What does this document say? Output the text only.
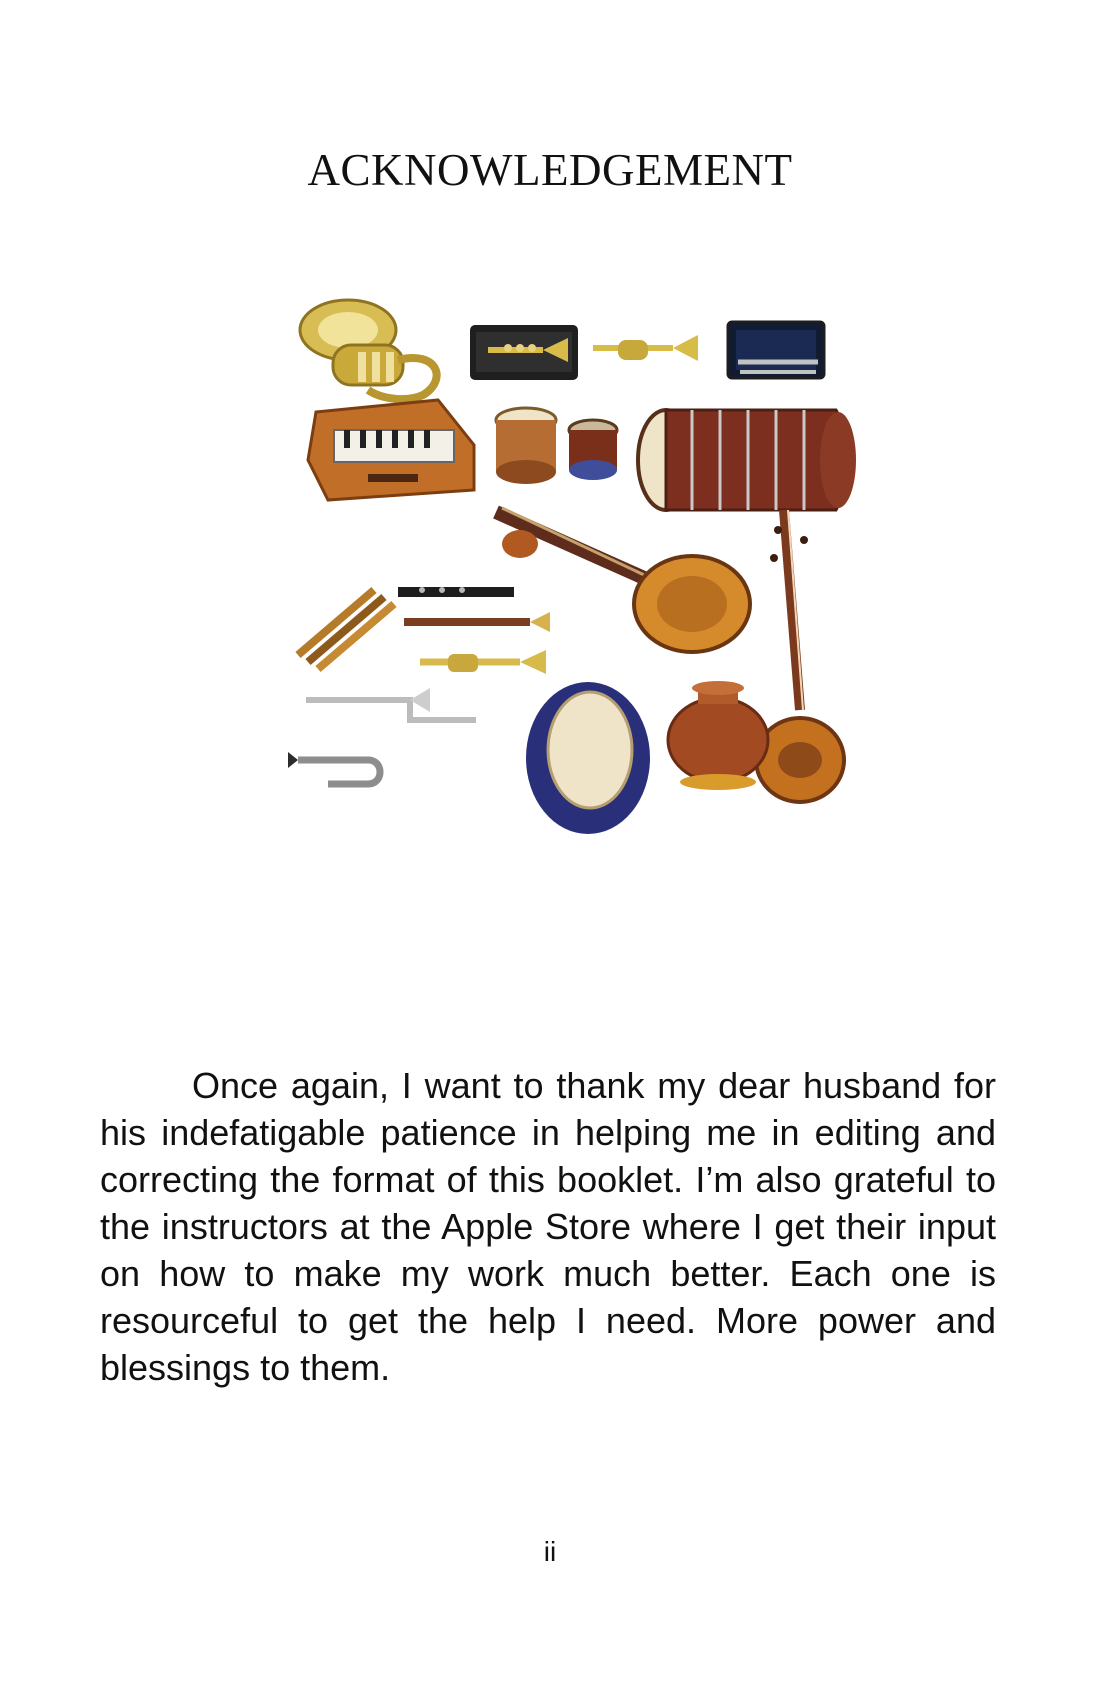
ACKNOWLEDGEMENT

Once again, I want to thank my dear husband for his indefatigable patience in helping me in editing and correcting the format of this booklet. I’m also grateful to the instructors at the Apple Store where I get their input on how to make my work much better. Each one is resourceful to get the help I need. More power and blessings to them.

ii
